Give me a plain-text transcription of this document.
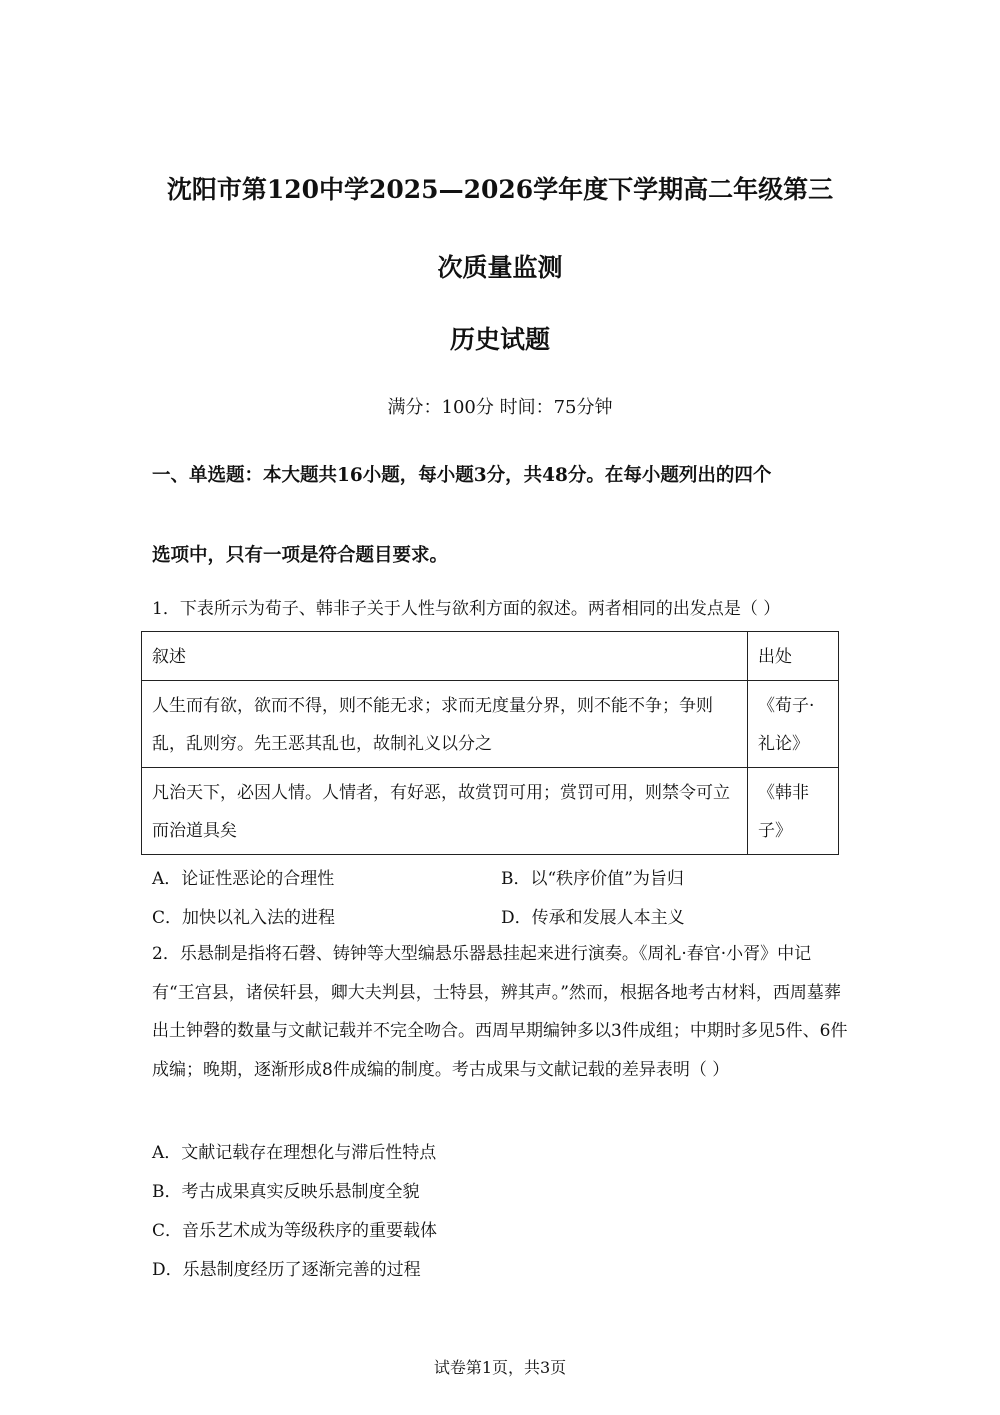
沈阳市第120中学2025—2026学年度下学期高二年级第三
次质量监测
历史试题
满分：100分 时间：75分钟
一、单选题：本大题共16小题，每小题3分，共48分。在每小题列出的四个
选项中，只有一项是符合题目要求。
1．下表所示为荀子、韩非子关于人性与欲利方面的叙述。两者相同的出发点是（ ）
叙述	出处
人生而有欲，欲而不得，则不能无求；求而无度量分界，则不能不争；争则乱，乱则穷。先王恶其乱也，故制礼义以分之	《荀子·礼论》
凡治天下，必因人情。人情者，有好恶，故赏罚可用；赏罚可用，则禁令可立而治道具矣	《韩非子》
A．论证性恶论的合理性	B．以“秩序价值”为旨归
C．加快以礼入法的进程	D．传承和发展人本主义
2．乐悬制是指将石磬、铸钟等大型编悬乐器悬挂起来进行演奏。《周礼·春官·小胥》中记有“王宫县，诸侯轩县，卿大夫判县，士特县，辨其声。”然而，根据各地考古材料，西周墓葬出土钟磬的数量与文献记载并不完全吻合。西周早期编钟多以3件成组；中期时多见5件、6件成编；晚期，逐渐形成8件成编的制度。考古成果与文献记载的差异表明（ ）
A．文献记载存在理想化与滞后性特点
B．考古成果真实反映乐悬制度全貌
C．音乐艺术成为等级秩序的重要载体
D．乐悬制度经历了逐渐完善的过程
试卷第1页，共3页
